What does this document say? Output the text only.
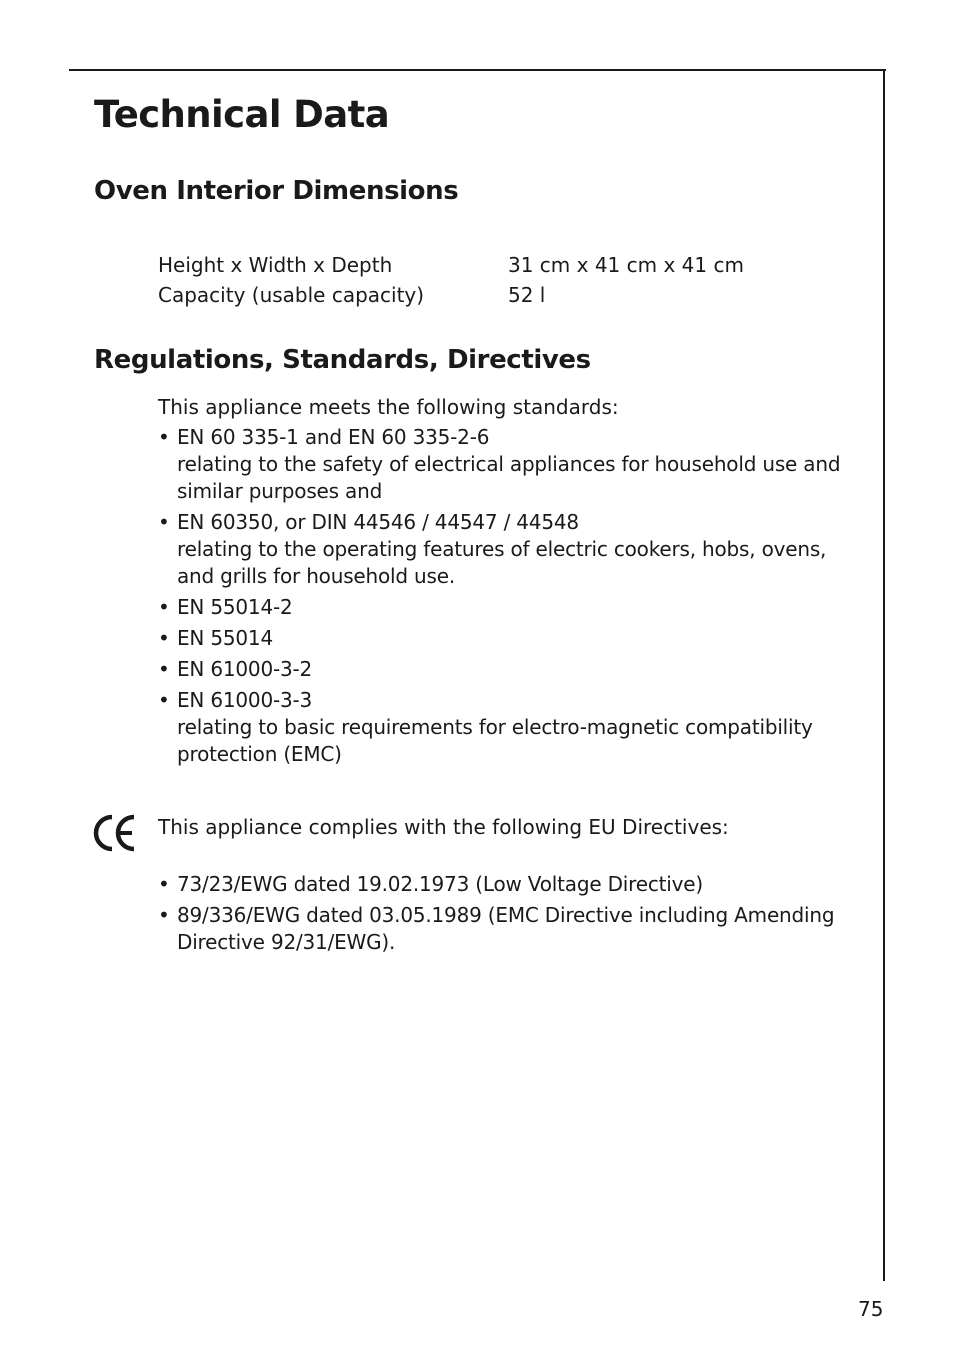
Technical Data
Oven Interior Dimensions
Height x Width x Depth	31 cm x 41 cm x 41 cm
Capacity (usable capacity)	52 l
Regulations, Standards, Directives

This appliance meets the following standards:

• EN 60 335-1 and EN 60 335-2-6
relating to the safety of electrical appliances for household use and similar purposes and
• EN 60350, or DIN 44546 / 44547 / 44548
relating to the operating features of electric cookers, hobs, ovens, and grills for household use.
• EN 55014-2
• EN 55014
• EN 61000-3-2
• EN 61000-3-3
relating to basic requirements for electro-magnetic compatibility protection (EMC)

This appliance complies with the following EU Directives:

• 73/23/EWG dated 19.02.1973 (Low Voltage Directive)
• 89/336/EWG dated 03.05.1989 (EMC Directive including Amending Directive 92/31/EWG).
75
